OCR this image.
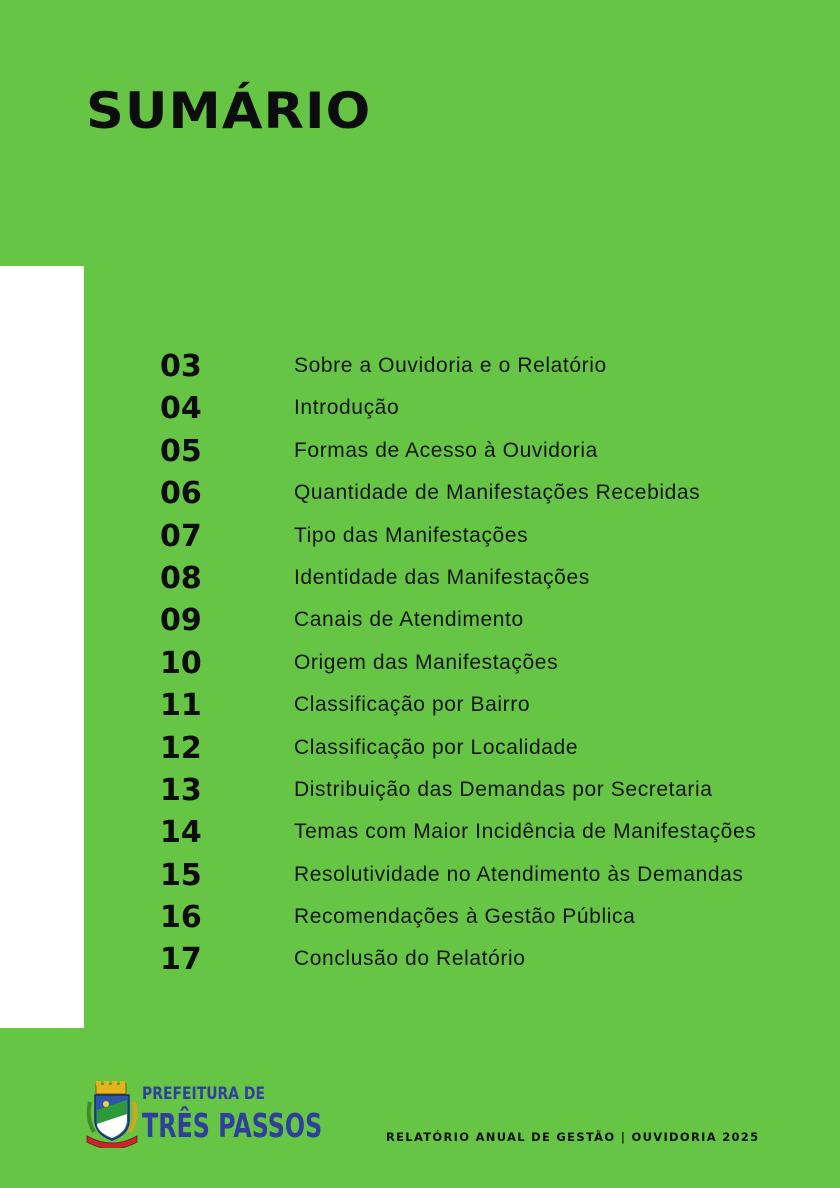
SUMÁRIO
03	Sobre a Ouvidoria e o Relatório
04	Introdução
05	Formas de Acesso à Ouvidoria
06	Quantidade de Manifestações Recebidas
07	Tipo das Manifestações
08	Identidade das Manifestações
09	Canais de Atendimento
10	Origem das Manifestações
11	Classificação por Bairro
12	Classificação por Localidade
13	Distribuição das Demandas por Secretaria
14	Temas com Maior Incidência de Manifestações
15	Resolutividade no Atendimento às Demandas
16	Recomendações à Gestão Pública
17	Conclusão do Relatório
PREFEITURA DE
TRÊS PASSOS	RELATÓRIO ANUAL DE GESTÃO | OUVIDORIA 2025
